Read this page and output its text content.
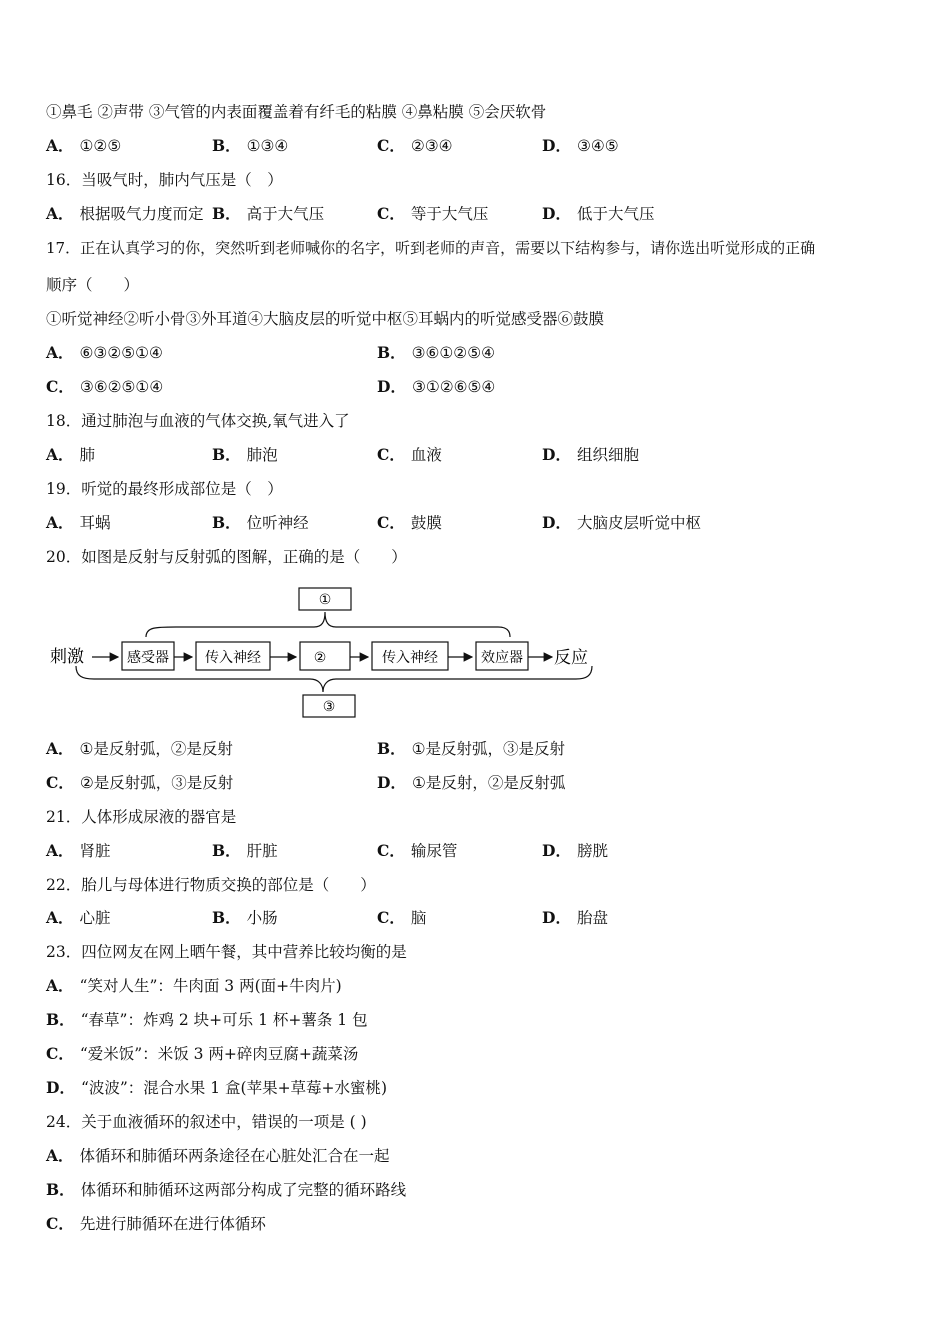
①鼻毛 ②声带 ③气管的内表面覆盖着有纤毛的粘膜 ④鼻粘膜 ⑤会厌软骨
A． ①②⑤	B． ①③④	C． ②③④	D． ③④⑤
16．当吸气时，肺内气压是（　）
A． 根据吸气力度而定 B． 高于大气压	C． 等于大气压	D． 低于大气压
17．正在认真学习的你，突然听到老师喊你的名字，听到老师的声音，需要以下结构参与，请你选出听觉形成的正确
顺序（　　）
①听觉神经②听小骨③外耳道④大脑皮层的听觉中枢⑤耳蜗内的听觉感受器⑥鼓膜
A． ⑥③②⑤①④	B． ③⑥①②⑤④
C． ③⑥②⑤①④	D． ③①②⑥⑤④
18．通过肺泡与血液的气体交换,氧气进入了
A． 肺	B． 肺泡	C． 血液	D． 组织细胞
19．听觉的最终形成部位是（　）
A． 耳蜗	B． 位听神经	C． 鼓膜	D． 大脑皮层听觉中枢
20．如图是反射与反射弧的图解，正确的是（　　）
①
刺激	感受器	传入神经	②	传入神经	效应器 反应
③
A． ①是反射弧，②是反射	B． ①是反射弧，③是反射
C． ②是反射弧，③是反射	D． ①是反射，②是反射弧
21．人体形成尿液的器官是
A． 肾脏	B． 肝脏	C． 输尿管	D． 膀胱
22．胎儿与母体进行物质交换的部位是（　　）
A． 心脏	B． 小肠	C． 脑	D． 胎盘
23．四位网友在网上晒午餐，其中营养比较均衡的是
A． “笑对人生”：牛肉面 3 两(面+牛肉片)
B． “春草”：炸鸡 2 块+可乐 1 杯+薯条 1 包
C． “爱米饭”：米饭 3 两+碎肉豆腐+蔬菜汤
D． “波波”：混合水果 1 盒(苹果+草莓+水蜜桃)
24．关于血液循环的叙述中，错误的一项是 ( )
A． 体循环和肺循环两条途径在心脏处汇合在一起
B． 体循环和肺循环这两部分构成了完整的循环路线
C． 先进行肺循环在进行体循环
